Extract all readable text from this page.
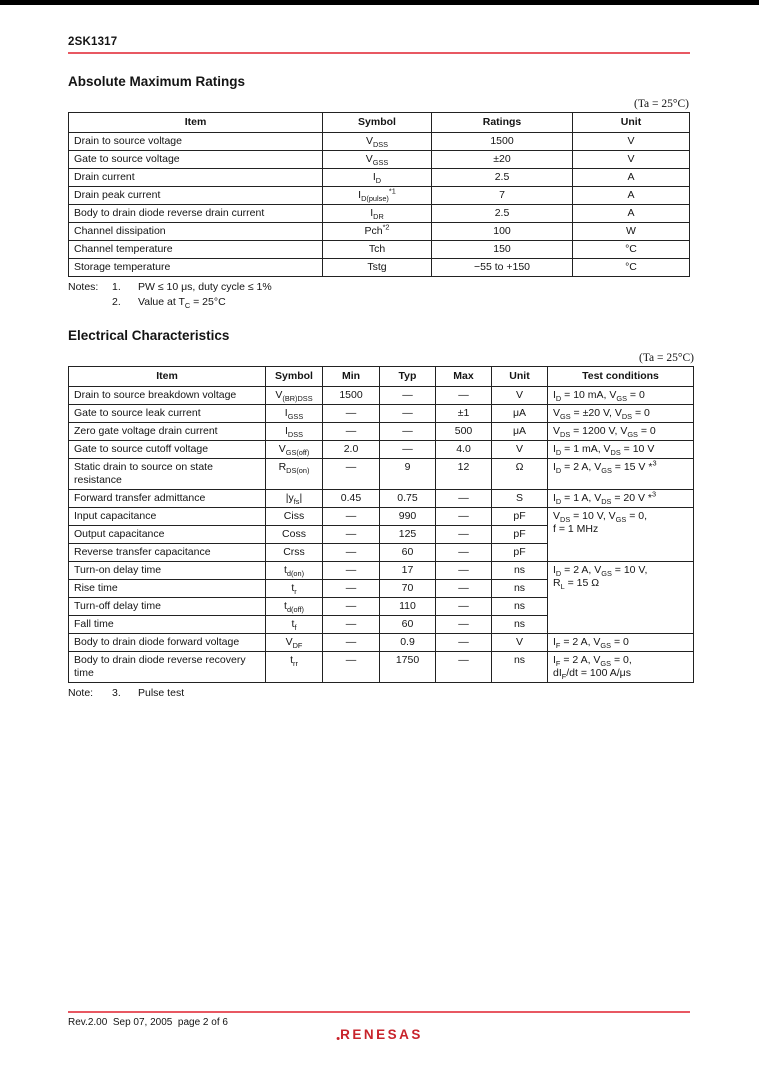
2SK1317
Absolute Maximum Ratings
(Ta = 25°C)
Item	Symbol	Ratings	Unit
Drain to source voltage	$V_{DSS}$	1500	V
Gate to source voltage	$V_{GSS}$	±20	V
Drain current	$I_D$	2.5	A
Drain peak current	$I_{D(pulse)}^{*1}$	7	A
Body to drain diode reverse drain current	$I_{DR}$	2.5	A
Channel dissipation	Pch$^{*2}$	100	W
Channel temperature	Tch	150	°C
Storage temperature	Tstg	−55 to +150	°C
Notes:	1.	PW ≤ 10 μs, duty cycle ≤ 1%
2.	Value at $T_C = 25^\circ C$
Electrical Characteristics
(Ta = 25°C)
Item	Symbol	Min	Typ	Max	Unit	Test conditions
Drain to source breakdown voltage	$V_{(BR)DSS}$	1500	—	—	V	$I_D = 10$ mA, $V_{GS} = 0$
Gate to source leak current	$I_{GSS}$	—	—	±1	μA	$V_{GS} = \pm 20$ V, $V_{DS} = 0$
Zero gate voltage drain current	$I_{DSS}$	—	—	500	μA	$V_{DS} = 1200$ V, $V_{GS} = 0$
Gate to source cutoff voltage	$V_{GS(off)}$	2.0	—	4.0	V	$I_D = 1$ mA, $V_{DS} = 10$ V
Static drain to source on state resistance	$R_{DS(on)}$	—	9	12	Ω	$I_D = 2$ A, $V_{GS} = 15$ V *$^3$
Forward transfer admittance	$|y_{fs}|$	0.45	0.75	—	S	$I_D = 1$ A, $V_{DS} = 20$ V *$^3$
Input capacitance	Ciss	—	990	—	pF	$V_{DS} = 10$ V, $V_{GS} = 0$,
f = 1 MHz
Output capacitance	Coss	—	125	—	pF	
Reverse transfer capacitance	Crss	—	60	—	pF	
Turn-on delay time	$t_{d(on)}$	—	17	—	ns	$I_D = 2$ A, $V_{GS} = 10$ V,
$R_L = 15$ Ω
Rise time	$t_r$	—	70	—	ns	
Turn-off delay time	$t_{d(off)}$	—	110	—	ns	
Fall time	$t_f$	—	60	—	ns	
Body to drain diode forward voltage	$V_{DF}$	—	0.9	—	V	$I_F = 2$ A, $V_{GS} = 0$
Body to drain diode reverse recovery time	$t_{rr}$	—	1750	—	ns	$I_F = 2$ A, $V_{GS} = 0$,
$dI_F/dt = 100$ A/μs
Note:	3.	Pulse test
Rev.2.00  Sep 07, 2005  page 2 of 6
RENESAS
